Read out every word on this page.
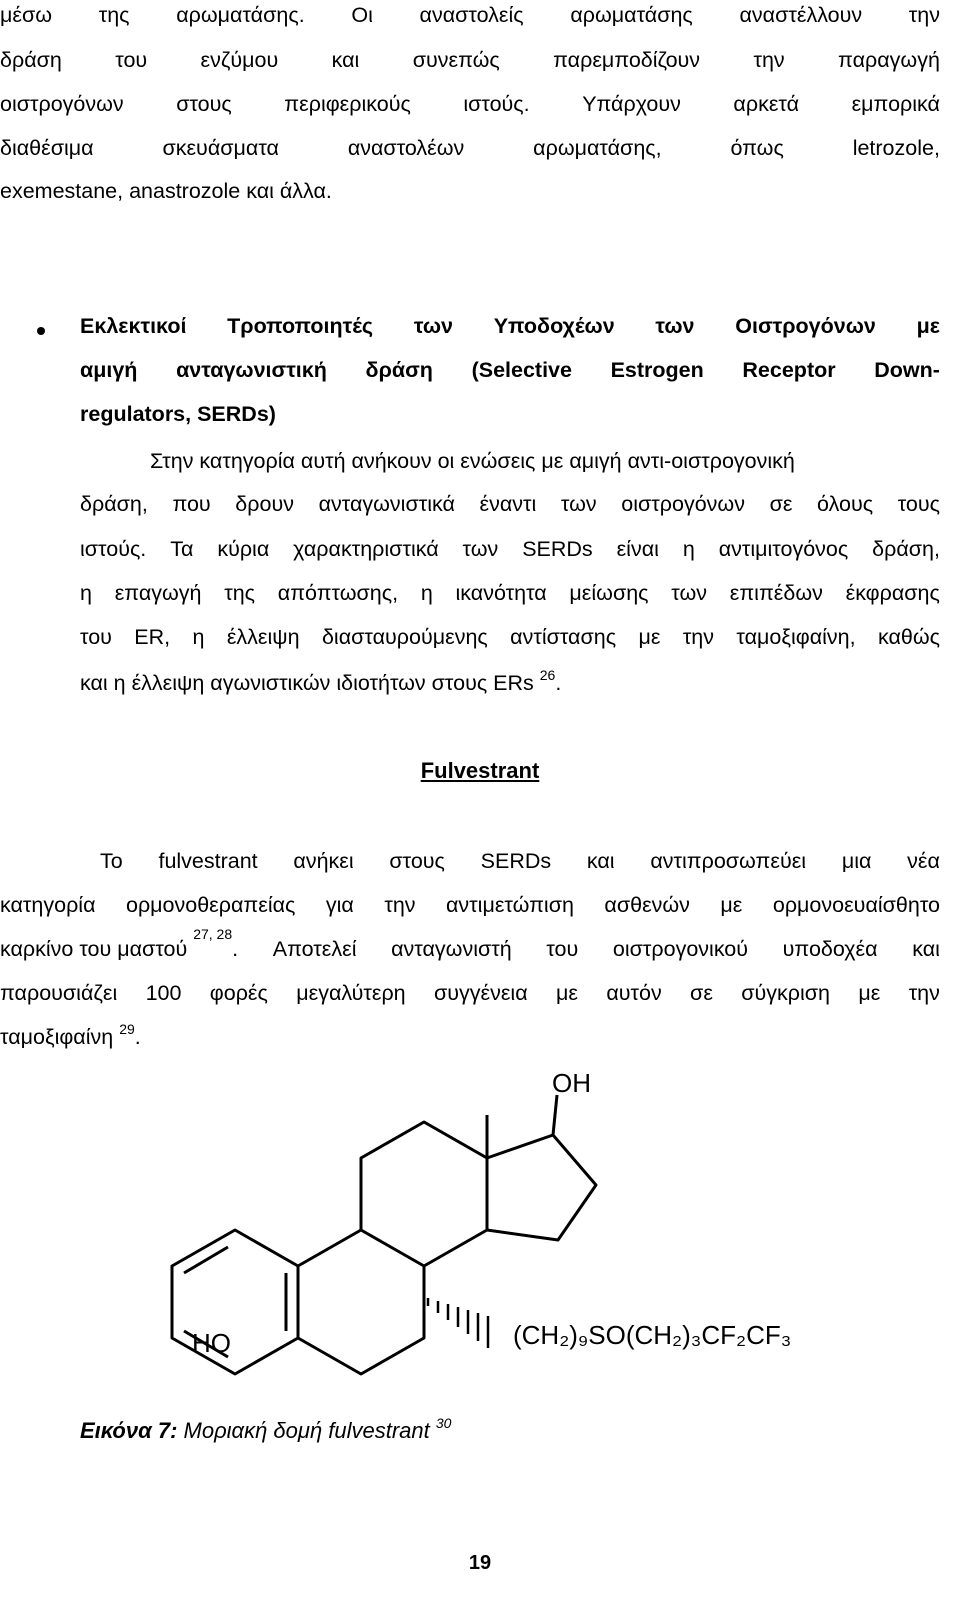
μέσω της αρωματάσης. Οι αναστολείς αρωματάσης αναστέλλουν την
δράση του ενζύμου και συνεπώς παρεμποδίζουν την παραγωγή
οιστρογόνων στους περιφερικούς ιστούς. Υπάρχουν αρκετά εμπορικά
διαθέσιμα	σκευάσματα	αναστολέων	αρωματάσης,	όπως	letrozole,
exemestane, anastrozole και άλλα.
Εκλεκτικοί Τροποποιητές των Υποδοχέων των Οιστρογόνων με
αμιγή ανταγωνιστική δράση (Selective Estrogen Receptor Down-
regulators, SERDs)
Στην κατηγορία αυτή ανήκουν οι ενώσεις με αμιγή αντι-οιστρογονική
δράση, που δρουν ανταγωνιστικά έναντι των οιστρογόνων σε όλους τους
ιστούς. Τα κύρια χαρακτηριστικά των SERDs είναι η αντιμιτογόνος δράση,
η επαγωγή της απόπτωσης, η ικανότητα μείωσης των επιπέδων έκφρασης
του ER, η έλλειψη διασταυρούμενης αντίστασης με την ταμοξιφαίνη, καθώς
και η έλλειψη αγωνιστικών ιδιοτήτων στους ERs $^{26}$.
Fulvestrant
Το fulvestrant ανήκει στους SERDs και αντιπροσωπεύει μια νέα
κατηγορία ορμονοθεραπείας για την αντιμετώπιση ασθενών με ορμονοευαίσθητο
καρκίνο του μαστού
27, 28
. Αποτελεί ανταγωνιστή του οιστρογονικού υποδοχέα και
παρουσιάζει 100 φορές μεγαλύτερη συγγένεια με αυτόν σε σύγκριση με την
ταμοξιφαίνη $^{29}$.
OH
HO	(CH₂)₉SO(CH₂)₃CF₂CF₃
Εικόνα 7: Μοριακή δομή fulvestrant $^{30}$
19
